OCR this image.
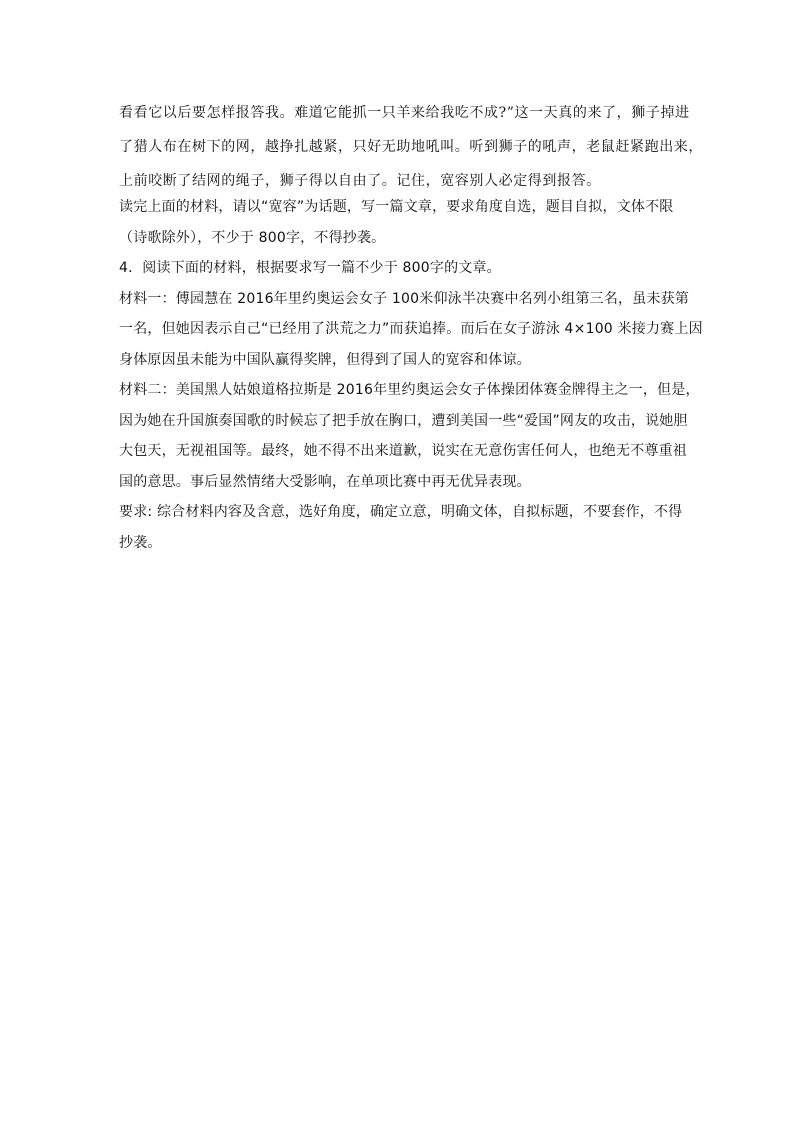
看看它以后要怎样报答我。难道它能抓一只羊来给我吃不成?”这一天真的来了，狮子掉进

了猎人布在树下的网，越挣扎越紧，只好无助地吼叫。听到狮子的吼声，老鼠赶紧跑出来，

上前咬断了结网的绳子，狮子得以自由了。记住，宽容别人必定得到报答。

读完上面的材料，请以“宽容”为话题，写一篇文章，要求角度自选，题目自拟，文体不限

（诗歌除外），不少于 800字，不得抄袭。

4．阅读下面的材料，根据要求写一篇不少于 800字的文章。

材料一：傅园慧在 2016年里约奥运会女子 100米仰泳半决赛中名列小组第三名，虽未获第

一名，但她因表示自己“已经用了洪荒之力”而获追捧。而后在女子游泳 4×100 米接力赛上因

身体原因虽未能为中国队赢得奖牌，但得到了国人的宽容和体谅。

材料二：美国黑人姑娘道格拉斯是 2016年里约奥运会女子体操团体赛金牌得主之一，但是，

因为她在升国旗奏国歌的时候忘了把手放在胸口，遭到美国一些“爱国”网友的攻击，说她胆

大包天，无视祖国等。最终，她不得不出来道歉，说实在无意伤害任何人，也绝无不尊重祖

国的意思。事后显然情绪大受影响，在单项比赛中再无优异表现。

要求: 综合材料内容及含意，选好角度，确定立意，明确文体，自拟标题，不要套作，不得

抄袭。
